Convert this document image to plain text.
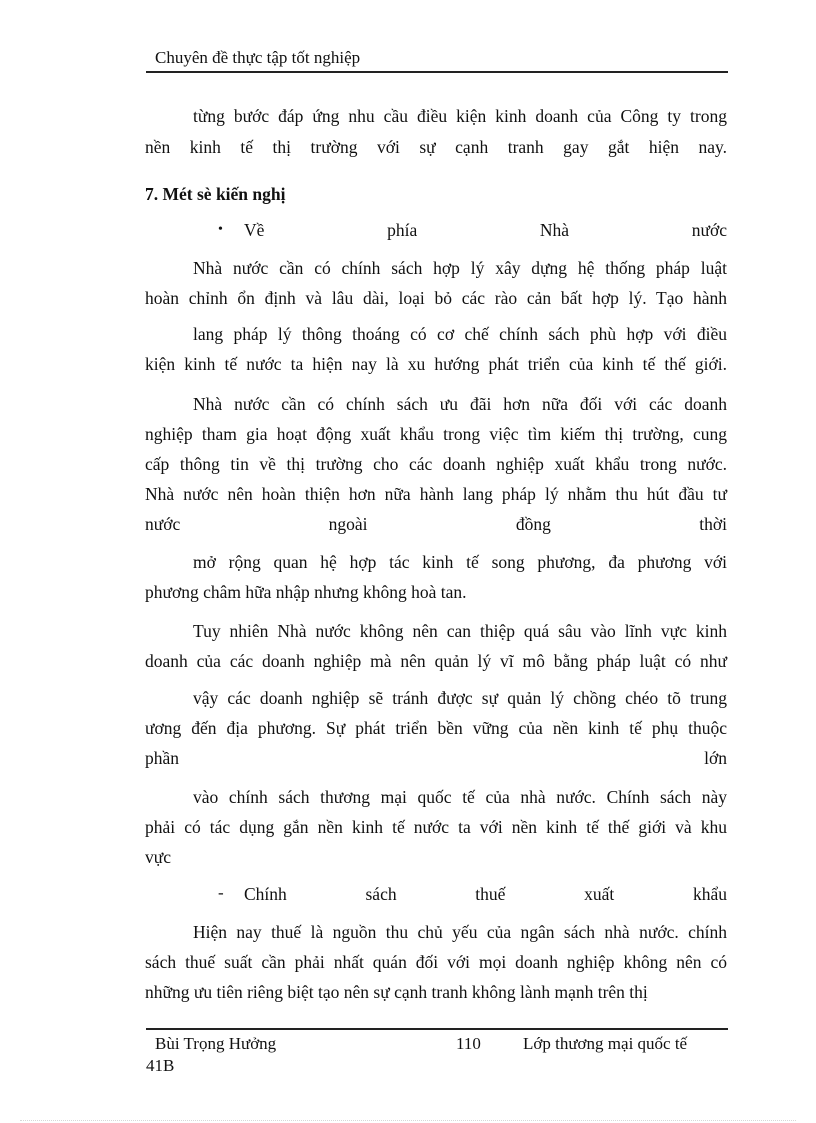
Chuyên đề thực tập tốt nghiệp
từng bước đáp ứng nhu cầu điều kiện kinh doanh của Công ty trong
nền kinh tế thị trường với sự cạnh tranh gay gắt hiện nay.
7. Mét sè kiến nghị
• Về phía Nhà nước
Nhà nước cần có chính sách hợp lý xây dựng hệ thống pháp luật
hoàn chỉnh ổn định và lâu dài, loại bỏ các rào cản bất hợp lý. Tạo hành
lang pháp lý thông thoáng có cơ chế chính sách phù hợp với điều
kiện kinh tế nước ta hiện nay là xu hướng phát triển của kinh tế thế giới.
Nhà nước cần có chính sách ưu đãi hơn nữa đối với các doanh
nghiệp tham gia hoạt động xuất khẩu trong việc tìm kiếm thị trường, cung
cấp thông tin về thị trường cho các doanh nghiệp xuất khẩu trong nước.
Nhà nước nên hoàn thiện hơn nữa hành lang pháp lý nhằm thu hút đầu tư
nước ngoài đồng thời
mở rộng quan hệ hợp tác kinh tế song phương, đa phương với
phương châm hữa nhập nhưng không hoà tan.
Tuy nhiên Nhà nước không nên can thiệp quá sâu vào lĩnh vực kinh
doanh của các doanh nghiệp mà nên quản lý vĩ mô bằng pháp luật có như
vậy các doanh nghiệp sẽ tránh được sự quản lý chồng chéo tõ trung
ương đến địa phương. Sự phát triển bền vững của nền kinh tế phụ thuộc
phần	lớn
vào chính sách thương mại quốc tế của nhà nước. Chính sách này
phải có tác dụng gắn nền kinh tế nước ta với nền kinh tế thế giới và khu
vực
- Chính sách thuế xuất khẩu
Hiện nay thuế là nguồn thu chủ yếu của ngân sách nhà nước. chính
sách thuế suất cần phải nhất quán đối với mọi doanh nghiệp không nên có
những ưu tiên riêng biệt tạo nên sự cạnh tranh không lành mạnh trên thị
Bùi Trọng Hưởng	110 Lớp thương mại quốc tế
41B
